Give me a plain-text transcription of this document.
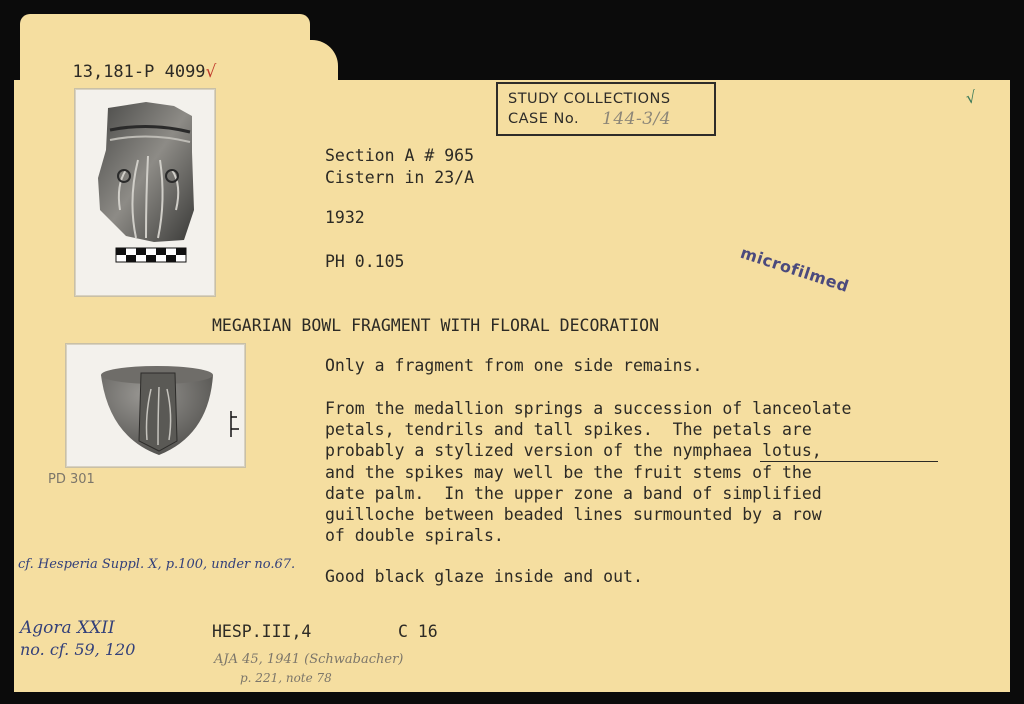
13,181-P 4099√

PD 301
STUDY COLLECTIONS
CASE No. 144-3/4
√
microfilmed
Section A # 965
Cistern in 23/A
1932
PH 0.105
MEGARIAN BOWL FRAGMENT WITH FLORAL DECORATION
Only a fragment from one side remains.
From the medallion springs a succession of lanceolate
petals, tendrils and tall spikes.  The petals are
probably a stylized version of the nymphaea lotus,
and the spikes may well be the fruit stems of the
date palm.  In the upper zone a band of simplified
guilloche between beaded lines surmounted by a row
of double spirals.
Good black glaze inside and out.
cf. Hesperia Suppl. X, p.100, under no.67.
Agora XXII
no. cf. 59, 120
HESP.III,4	C 16
AJA 45, 1941 (Schwabacher)
p. 221, note 78
